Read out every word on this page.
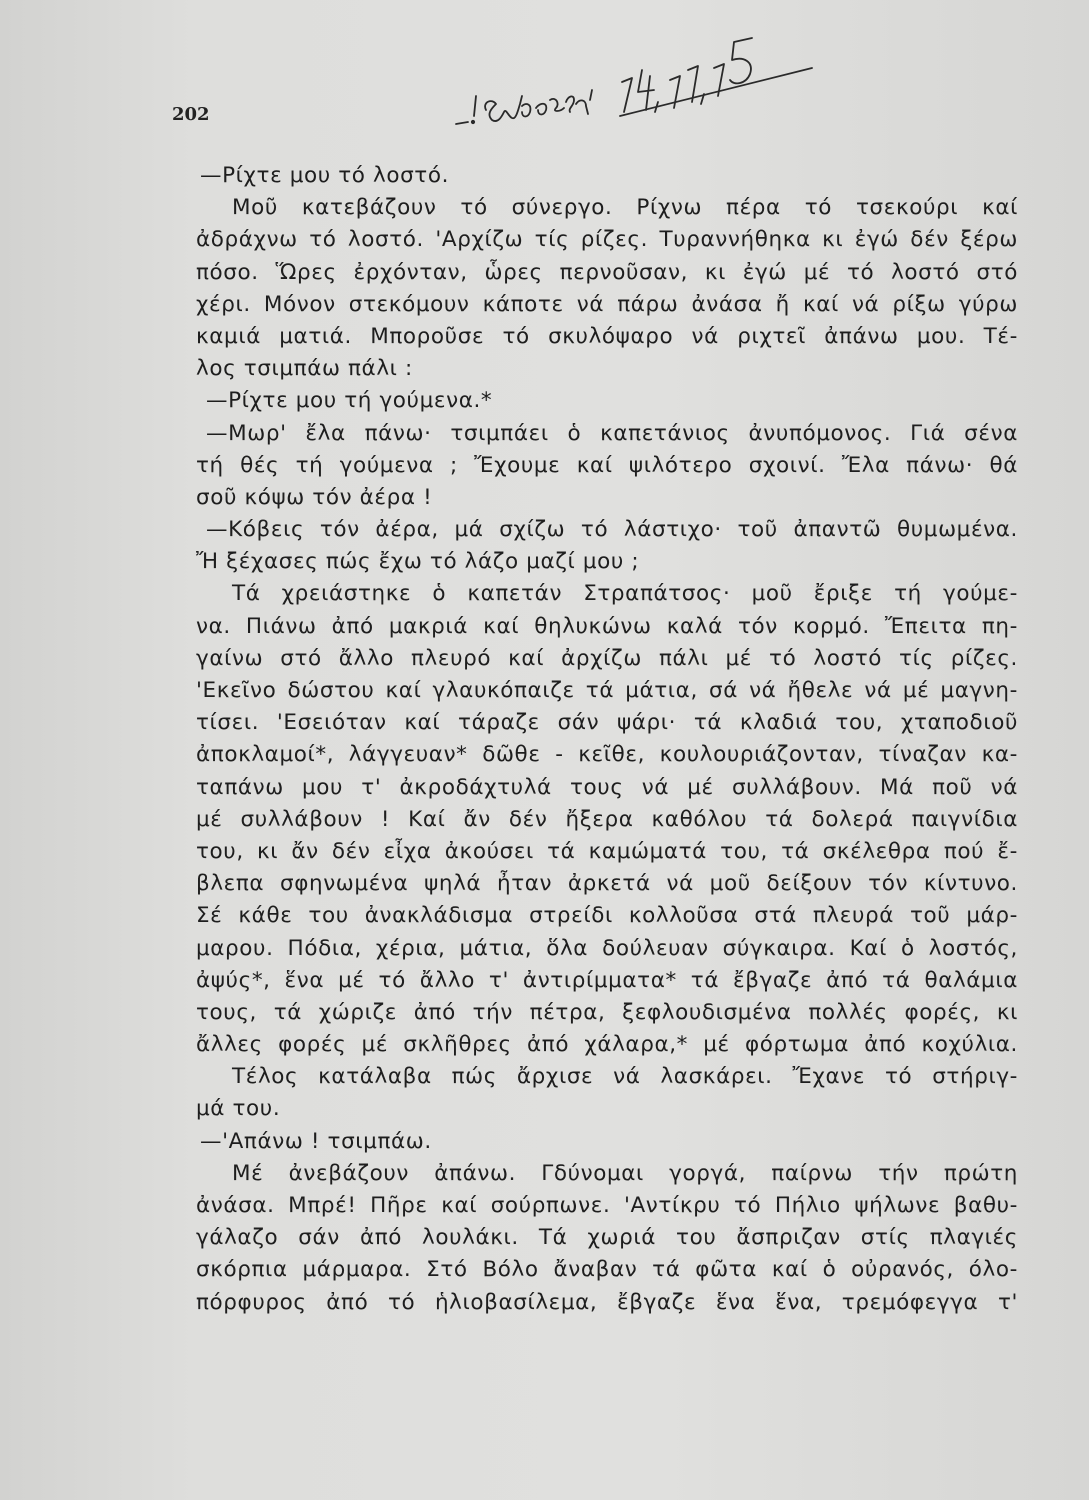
202
—Ρίχτε μου τό λοστό.
Μοῦ κατεβάζουν τό σύνεργο. Ρίχνω πέρα τό τσεκούρι καί
ἀδράχνω τό λοστό. 'Αρχίζω τίς ρίζες. Τυραννήθηκα κι ἐγώ δέν ξέρω
πόσο. Ὥρες ἐρχόνταν, ὧρες περνοῦσαν, κι ἐγώ μέ τό λοστό στό
χέρι. Μόνον στεκόμουν κάποτε νά πάρω ἀνάσα ἤ καί νά ρίξω γύρω
καμιά ματιά. Μποροῦσε τό σκυλόψαρο νά ριχτεῖ ἀπάνω μου. Τέ-
λος τσιμπάω πάλι :
—Ρίχτε μου τή γούμενα.*
—Μωρ' ἔλα πάνω· τσιμπάει ὁ καπετάνιος ἀνυπόμονος. Γιά σένα
τή θές τή γούμενα ; Ἔχουμε καί ψιλότερο σχοινί. Ἔλα πάνω· θά
σοῦ κόψω τόν ἀέρα !
—Κόβεις τόν ἀέρα, μά σχίζω τό λάστιχο· τοῦ ἀπαντῶ θυμωμένα.
Ἤ ξέχασες πώς ἔχω τό λάζο μαζί μου ;
Τά χρειάστηκε ὁ καπετάν Στραπάτσος· μοῦ ἔριξε τή γούμε-
να. Πιάνω ἀπό μακριά καί θηλυκώνω καλά τόν κορμό. Ἔπειτα πη-
γαίνω στό ἄλλο πλευρό καί ἀρχίζω πάλι μέ τό λοστό τίς ρίζες.
'Εκεῖνο δώστου καί γλαυκόπαιζε τά μάτια, σά νά ἤθελε νά μέ μαγνη-
τίσει. 'Εσειόταν καί τάραζε σάν ψάρι· τά κλαδιά του, χταποδιοῦ
ἀποκλαμοί*, λάγγευαν* δῶθε - κεῖθε, κουλουριάζονταν, τίναζαν κα-
ταπάνω μου τ' ἀκροδάχτυλά τους νά μέ συλλάβουν. Μά ποῦ νά
μέ συλλάβουν ! Καί ἄν δέν ἤξερα καθόλου τά δολερά παιγνίδια
του, κι ἄν δέν εἶχα ἀκούσει τά καμώματά του, τά σκέλεθρα πού ἔ-
βλεπα σφηνωμένα ψηλά ἦταν ἀρκετά νά μοῦ δείξουν τόν κίντυνο.
Σέ κάθε του ἀνακλάδισμα στρείδι κολλοῦσα στά πλευρά τοῦ μάρ-
μαρου. Πόδια, χέρια, μάτια, ὅλα δούλευαν σύγκαιρα. Καί ὁ λοστός,
ἀψύς*, ἕνα μέ τό ἄλλο τ' ἀντιρίμματα* τά ἔβγαζε ἀπό τά θαλάμια
τους, τά χώριζε ἀπό τήν πέτρα, ξεφλουδισμένα πολλές φορές, κι
ἄλλες φορές μέ σκλῆθρες ἀπό χάλαρα,* μέ φόρτωμα ἀπό κοχύλια.
Τέλος κατάλαβα πώς ἄρχισε νά λασκάρει. Ἔχανε τό στήριγ-
μά του.
—'Απάνω ! τσιμπάω.
Μέ ἀνεβάζουν ἀπάνω. Γδύνομαι γοργά, παίρνω τήν πρώτη
ἀνάσα. Μπρέ! Πῆρε καί σούρπωνε. 'Αντίκρυ τό Πήλιο ψήλωνε βαθυ-
γάλαζο σάν ἀπό λουλάκι. Τά χωριά του ἄσπριζαν στίς πλαγιές
σκόρπια μάρμαρα. Στό Βόλο ἄναβαν τά φῶτα καί ὁ οὐρανός, όλο-
πόρφυρος ἀπό τό ἡλιοβασίλεμα, ἔβγαζε ἕνα ἕνα, τρεμόφεγγα τ'
